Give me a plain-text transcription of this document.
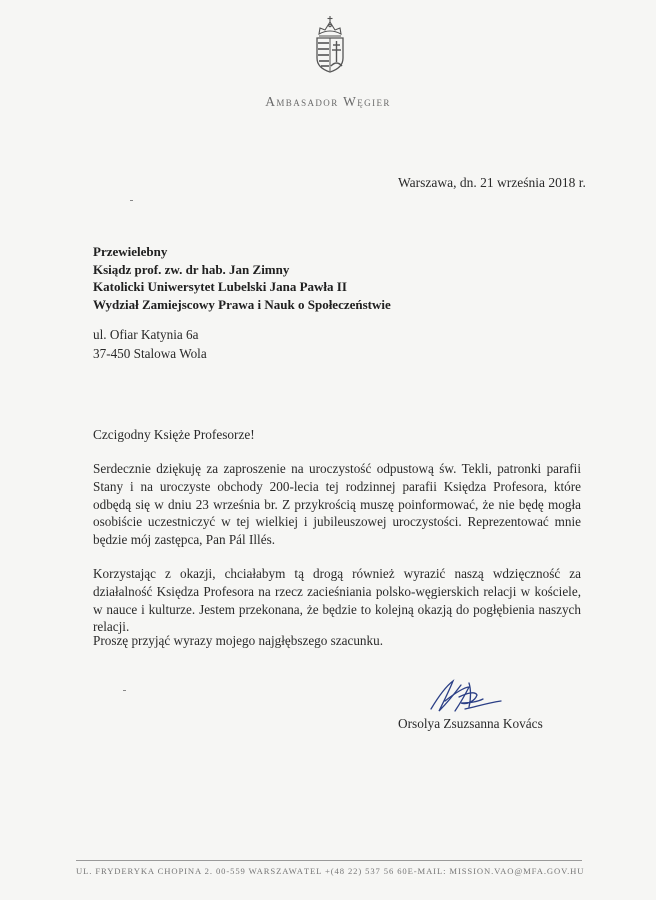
Ambasador Węgier
Warszawa, dn. 21 września 2018 r.
Przewielebny
Ksiądz prof. zw. dr hab. Jan Zimny
Katolicki Uniwersytet Lubelski Jana Pawła II
Wydział Zamiejscowy Prawa i Nauk o Społeczeństwie
ul. Ofiar Katynia 6a
37-450 Stalowa Wola
Czcigodny Księże Profesorze!
Serdecznie dziękuję za zaproszenie na uroczystość odpustową św. Tekli, patronki parafii Stany i na uroczyste obchody 200-lecia tej rodzinnej parafii Księdza Profesora, które odbędą się w dniu 23 września br. Z przykrością muszę poinformować, że nie będę mogła osobiście uczestniczyć w tej wielkiej i jubileuszowej uroczystości. Reprezentować mnie będzie mój zastępca, Pan Pál Illés.
Korzystając z okazji, chciałabym tą drogą również wyrazić naszą wdzięczność za działalność Księdza Profesora na rzecz zacieśniania polsko-węgierskich relacji w kościele, w nauce i kulturze. Jestem przekonana, że będzie to kolejną okazją do pogłębienia naszych relacji.
Proszę przyjąć wyrazy mojego najgłębszego szacunku.
Orsolya Zsuzsanna Kovács
UL. FRYDERYKA CHOPINA 2. 00-559 WARSZAWA TEL +(48 22) 537 56 60 E-MAIL: MISSION.VAO@MFA.GOV.HU
